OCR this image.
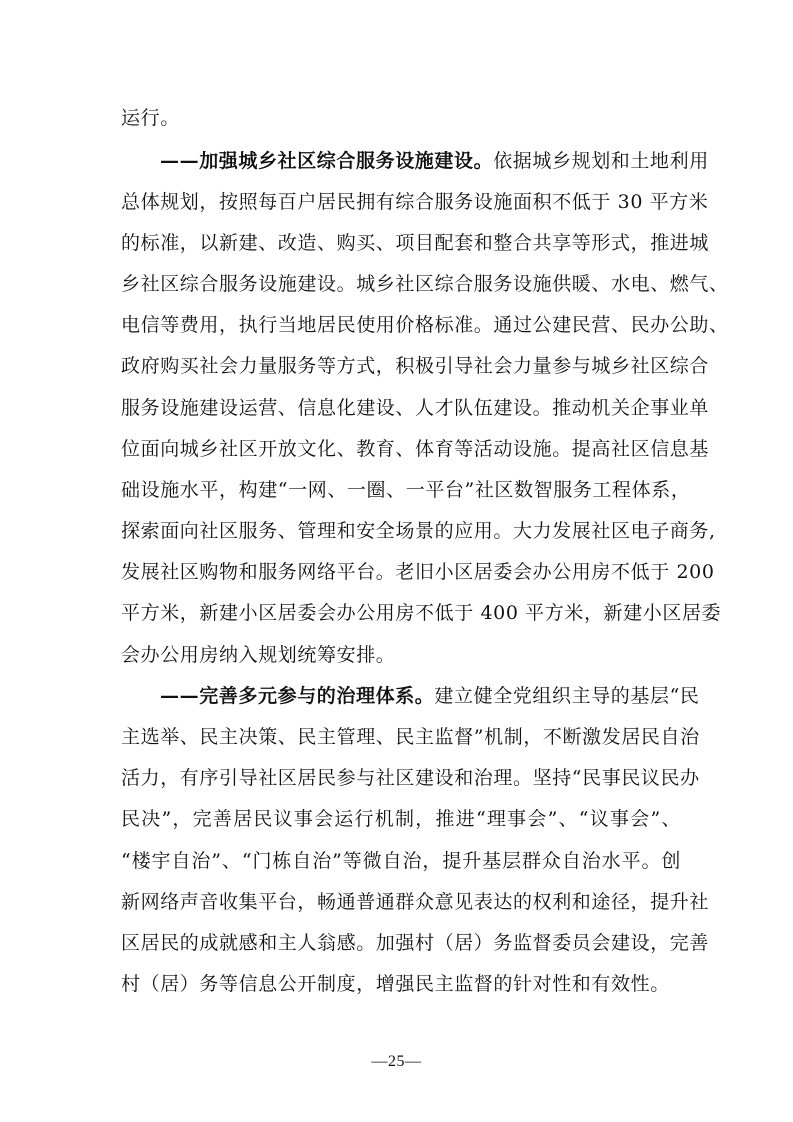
运行。
——加强城乡社区综合服务设施建设。依据城乡规划和土地利用
总体规划，按照每百户居民拥有综合服务设施面积不低于 30 平方米
的标准，以新建、改造、购买、项目配套和整合共享等形式，推进城
乡社区综合服务设施建设。城乡社区综合服务设施供暖、水电、燃气、
电信等费用，执行当地居民使用价格标准。通过公建民营、民办公助、
政府购买社会力量服务等方式，积极引导社会力量参与城乡社区综合
服务设施建设运营、信息化建设、人才队伍建设。推动机关企事业单
位面向城乡社区开放文化、教育、体育等活动设施。提高社区信息基
础设施水平，构建“一网、一圈、一平台”社区数智服务工程体系，
探索面向社区服务、管理和安全场景的应用。大力发展社区电子商务,
发展社区购物和服务网络平台。老旧小区居委会办公用房不低于 200
平方米，新建小区居委会办公用房不低于 400 平方米，新建小区居委
会办公用房纳入规划统筹安排。
——完善多元参与的治理体系。建立健全党组织主导的基层“民
主选举、民主决策、民主管理、民主监督”机制，不断激发居民自治
活力，有序引导社区居民参与社区建设和治理。坚持“民事民议民办
民决”，完善居民议事会运行机制，推进“理事会”、“议事会”、
“楼宇自治”、“门栋自治”等微自治，提升基层群众自治水平。创
新网络声音收集平台，畅通普通群众意见表达的权利和途径，提升社
区居民的成就感和主人翁感。加强村（居）务监督委员会建设，完善
村（居）务等信息公开制度，增强民主监督的针对性和有效性。
—25—
